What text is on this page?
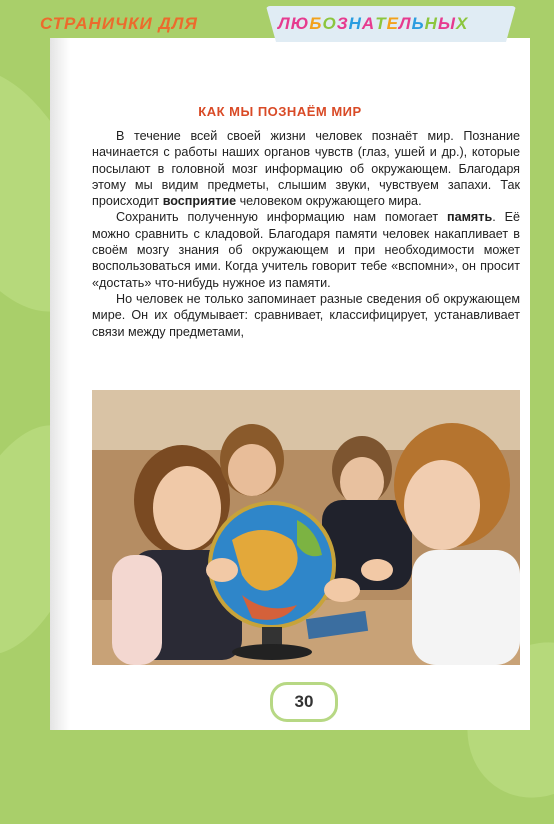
СТРАНИЧКИ ДЛЯ	ЛЮБОЗНАТЕЛЬНЫХ
КАК МЫ ПОЗНАЁМ МИР

В течение всей своей жизни человек познаёт мир. Познание начинается с работы наших органов чувств (глаз, ушей и др.), которые посылают в головной мозг информацию об окружающем. Благодаря этому мы видим предметы, слышим звуки, чувствуем запахи. Так происходит восприятие человеком окружающего мира.

Сохранить полученную информацию нам помогает память. Её можно сравнить с кладовой. Благодаря памяти человек накапливает в своём мозгу знания об окружающем и при необходимости может воспользоваться ими. Когда учитель говорит тебе «вспомни», он просит «достать» что-нибудь нужное из памяти.

Но человек не только запоминает разные сведения об окружающем мире. Он их обдумывает: сравнивает, классифицирует, устанавливает связи между предметами,

30
